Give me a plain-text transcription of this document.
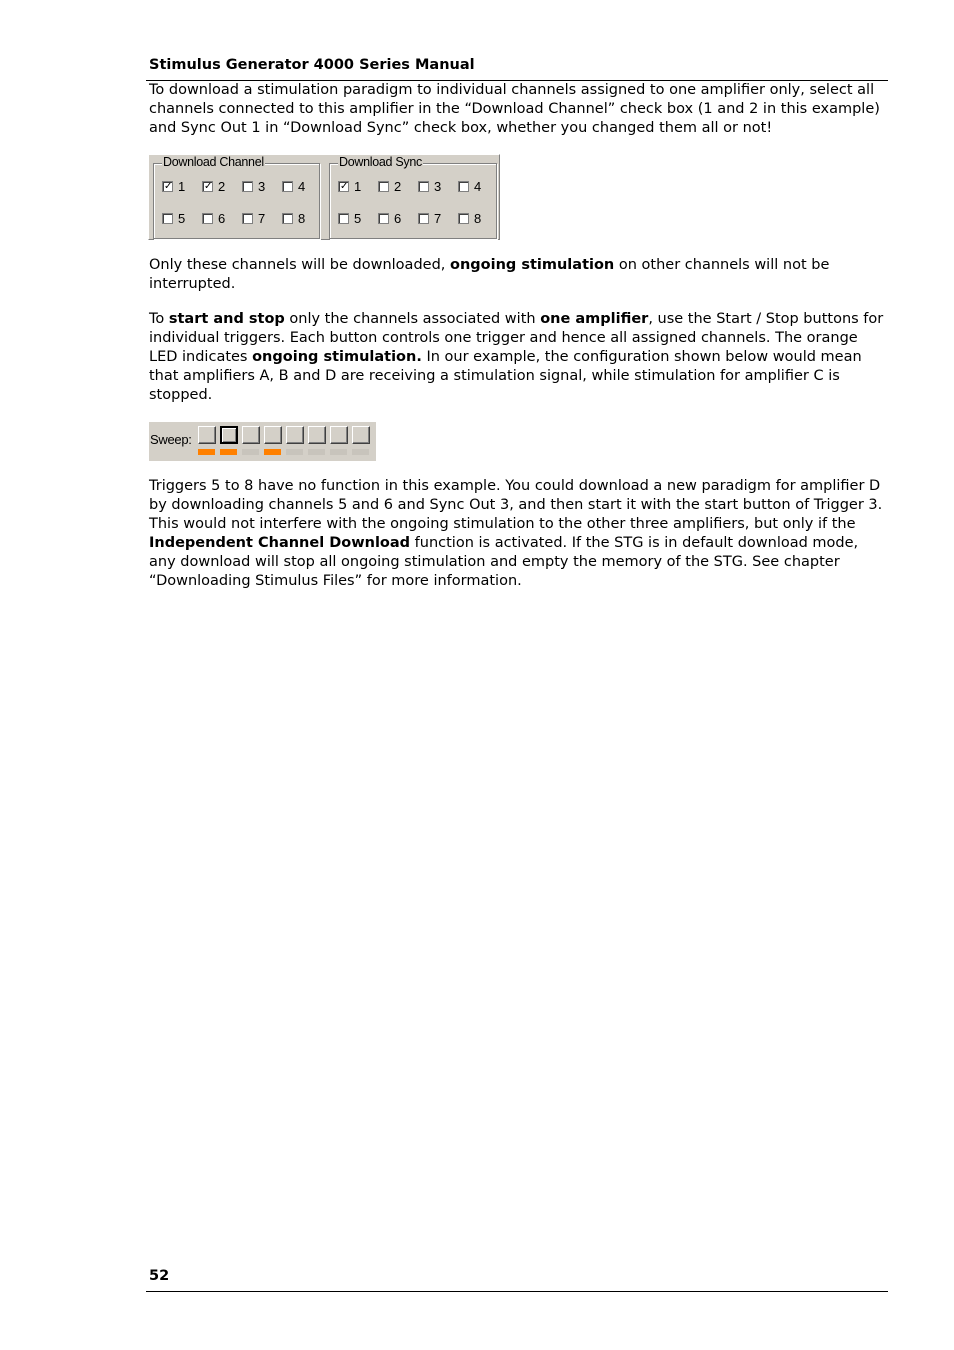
Stimulus Generator 4000 Series Manual

To download a stimulation paradigm to individual channels assigned to one amplifier only, select all channels connected to this amplifier in the “Download Channel” check box (1 and 2 in this example) and Sync Out 1 in “Download Sync” check box, whether you changed them all or not!

Download Channel
✓ 1 ✓ 2	3	4
5	6	7	8
Download Sync
✓ 1	2	3	4
5	6	7	8

Only these channels will be downloaded, ongoing stimulation on other channels will not be interrupted.

To start and stop only the channels associated with one amplifier, use the Start / Stop buttons for individual triggers. Each button controls one trigger and hence all assigned channels. The orange LED indicates ongoing stimulation. In our example, the configuration shown below would mean that amplifiers A, B and D are receiving a stimulation signal, while stimulation for amplifier C is stopped.

Sweep:

Triggers 5 to 8 have no function in this example. You could download a new paradigm for amplifier D by downloading channels 5 and 6 and Sync Out 3, and then start it with the start button of Trigger 3. This would not interfere with the ongoing stimulation to the other three amplifiers, but only if the Independent Channel Download function is activated. If the STG is in default download mode, any download will stop all ongoing stimulation and empty the memory of the STG. See chapter “Downloading Stimulus Files” for more information.

52
